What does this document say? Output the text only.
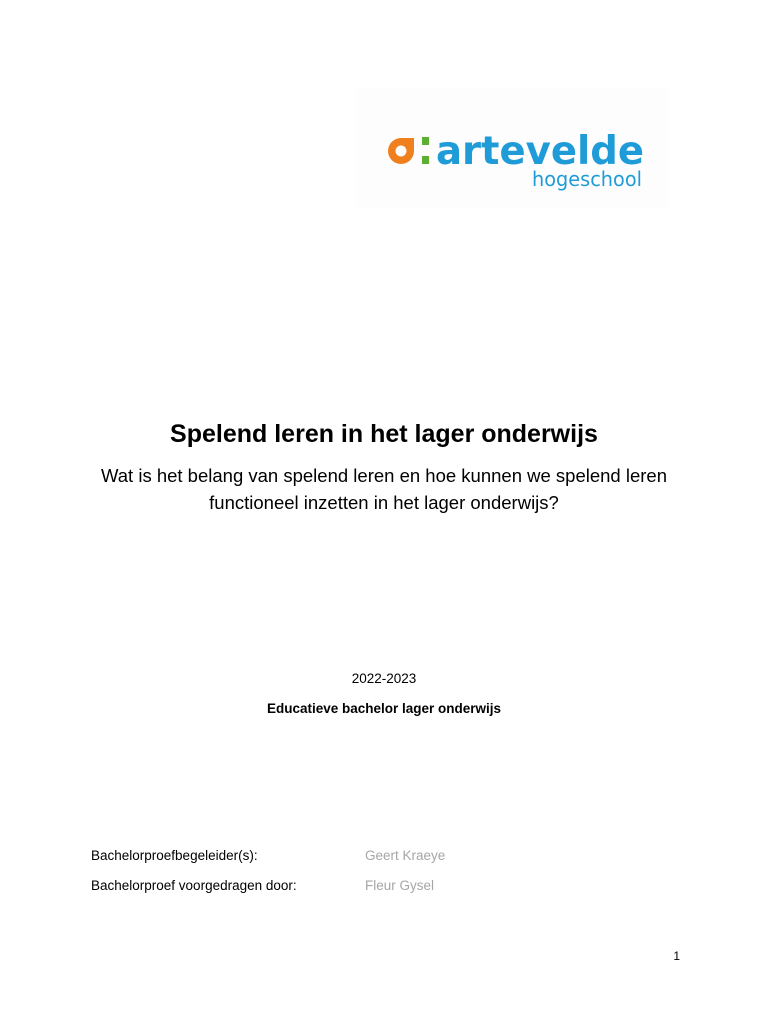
artevelde
hogeschool
Spelend leren in het lager onderwijs
Wat is het belang van spelend leren en hoe kunnen we spelend leren functioneel inzetten in het lager onderwijs?
2022-2023
Educatieve bachelor lager onderwijs
Bachelorproefbegeleider(s):	Geert Kraeye
Bachelorproef voorgedragen door:	Fleur Gysel
1
